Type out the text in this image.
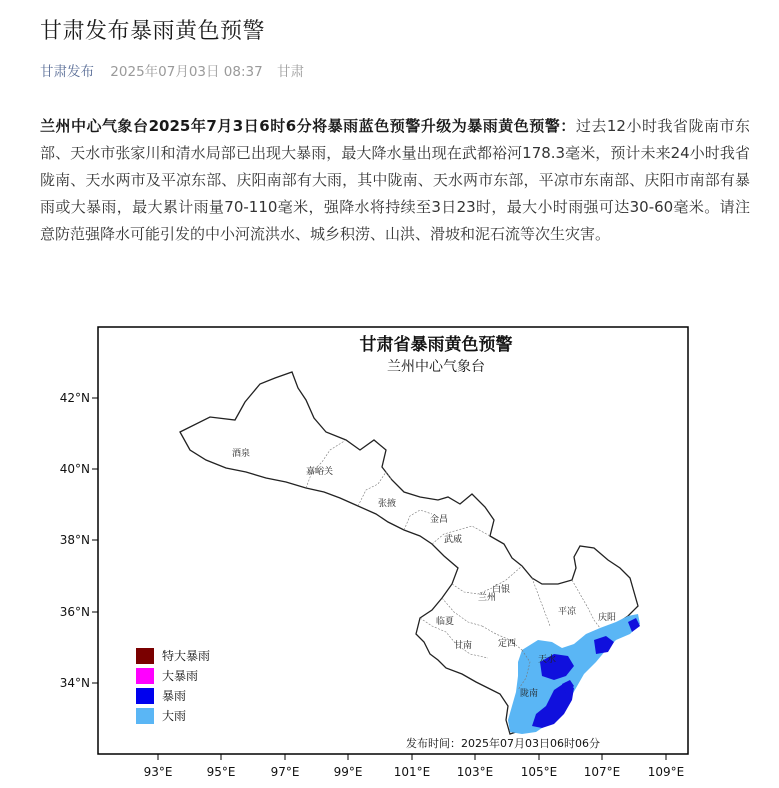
甘肃发布暴雨黄色预警
甘肃发布 2025年07月03日 08:37 甘肃
兰州中心气象台2025年7月3日6时6分将暴雨蓝色预警升级为暴雨黄色预警：过去12小时我省陇南市东部、天水市张家川和清水局部已出现大暴雨，最大降水量出现在武都裕河178.3毫米，预计未来24小时我省陇南、天水两市及平凉东部、庆阳南部有大雨，其中陇南、天水两市东部，平凉市东南部、庆阳市南部有暴雨或大暴雨，最大累计雨量70-110毫米，强降水将持续至3日23时，最大小时雨强可达30-60毫米。请注意防范强降水可能引发的中小河流洪水、城乡积涝、山洪、滑坡和泥石流等次生灾害。
甘肃省暴雨黄色预警
兰州中心气象台
酒泉
嘉峪关
张掖
金昌
武威
白银
兰州
临夏
定西
甘南
平凉
庆阳
天水
陇南
特大暴雨
大暴雨
暴雨
大雨
发布时间：2025年07月03日06时06分
42°N
40°N
38°N
36°N
34°N
93°E	95°E	97°E	99°E	101°E 103°E 105°E 107°E 109°E
